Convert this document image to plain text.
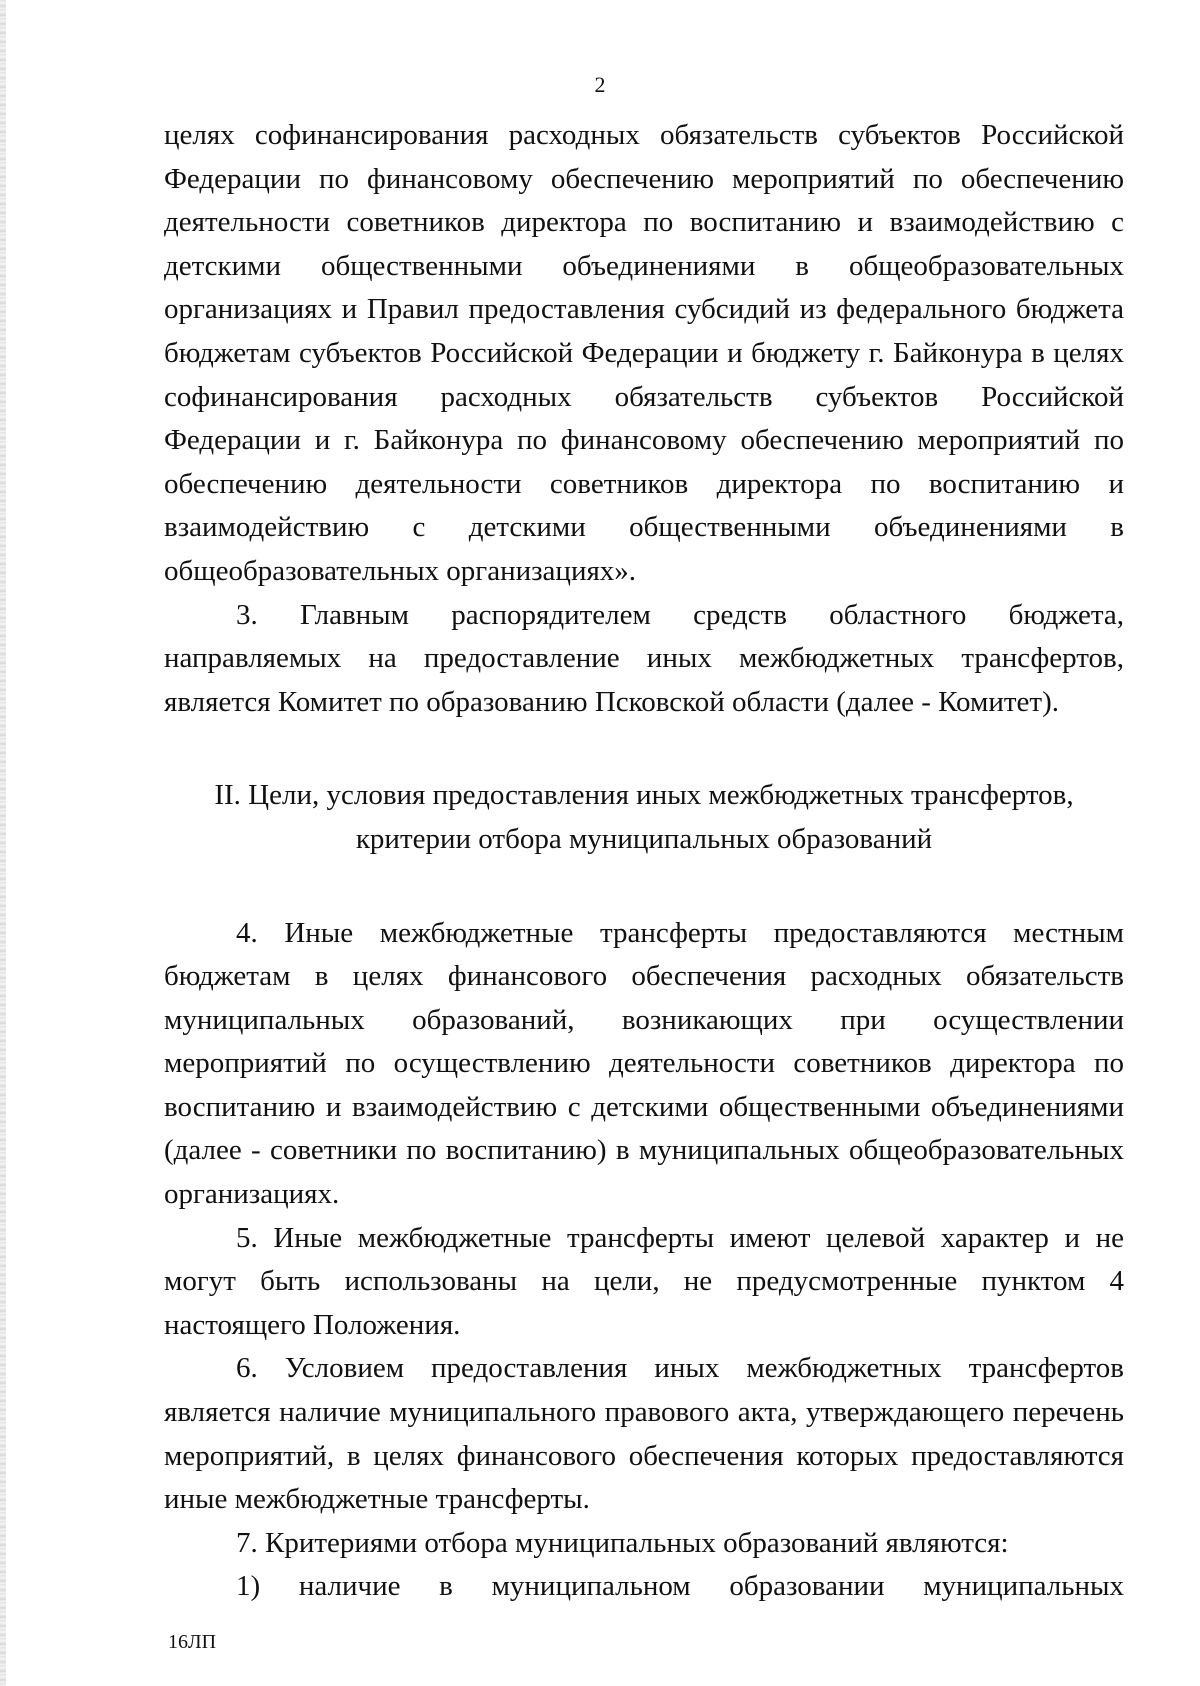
2

целях софинансирования расходных обязательств субъектов Российской Федерации по финансовому обеспечению мероприятий по обеспечению деятельности советников директора по воспитанию и взаимодействию с детскими общественными объединениями в общеобразовательных организациях и Правил предоставления субсидий из федерального бюджета бюджетам субъектов Российской Федерации и бюджету г. Байконура в целях софинансирования расходных обязательств субъектов Российской Федерации и г. Байконура по финансовому обеспечению мероприятий по обеспечению деятельности советников директора по воспитанию и взаимодействию с детскими общественными объединениями в общеобразовательных организациях».

3. Главным распорядителем средств областного бюджета, направляемых на предоставление иных межбюджетных трансфертов, является Комитет по образованию Псковской области (далее - Комитет).

II. Цели, условия предоставления иных межбюджетных трансфертов,
критерии отбора муниципальных образований

4. Иные межбюджетные трансферты предоставляются местным бюджетам в целях финансового обеспечения расходных обязательств муниципальных образований, возникающих при осуществлении мероприятий по осуществлению деятельности советников директора по воспитанию и взаимодействию с детскими общественными объединениями (далее - советники по воспитанию) в муниципальных общеобразовательных организациях.

5. Иные межбюджетные трансферты имеют целевой характер и не могут быть использованы на цели, не предусмотренные пунктом 4 настоящего Положения.

6. Условием предоставления иных межбюджетных трансфертов является наличие муниципального правового акта, утверждающего перечень мероприятий, в целях финансового обеспечения которых предоставляются иные межбюджетные трансферты.

7. Критериями отбора муниципальных образований являются:

1) наличие в муниципальном образовании муниципальных

16ЛП
